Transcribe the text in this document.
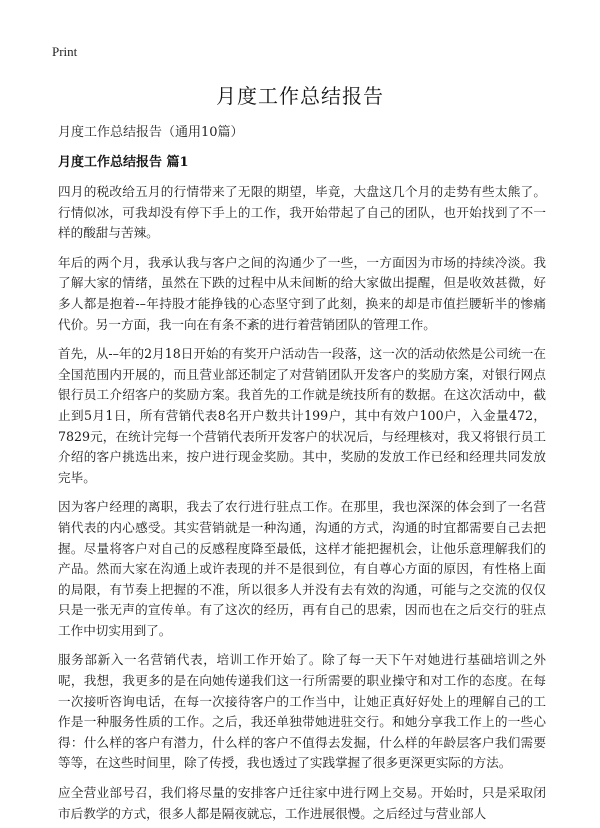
Print
月度工作总结报告
月度工作总结报告（通用10篇）
月度工作总结报告 篇1

四月的税改给五月的行情带来了无限的期望，毕竟，大盘这几个月的走势有些太熊了。行情似冰，可我却没有停下手上的工作，我开始带起了自己的团队，也开始找到了不一样的酸甜与苦辣。

年后的两个月，我承认我与客户之间的沟通少了一些，一方面因为市场的持续冷淡。我了解大家的情绪，虽然在下跌的过程中从未间断的给大家做出提醒，但是收效甚微，好多人都是抱着-–年持股才能挣钱的心态坚守到了此刻，换来的却是市值拦腰斩半的惨痛代价。另一方面，我一向在有条不紊的进行着营销团队的管理工作。

首先，从-–年的2月18日开始的有奖开户活动告一段落，这一次的活动依然是公司统一在全国范围内开展的，而且营业部还制定了对营销团队开发客户的奖励方案，对银行网点银行员工介绍客户的奖励方案。我首先的工作就是统技所有的数据。在这次活动中，截止到5月1日，所有营销代表8名开户数共计199户，其中有效户100户，入金量472，7829元，在统计完每一个营销代表所开发客户的状况后，与经理核对，我又将银行员工介绍的客户挑选出来，按户进行现金奖励。其中，奖励的发放工作已经和经理共同发放完毕。

因为客户经理的离职，我去了农行进行驻点工作。在那里，我也深深的体会到了一名营销代表的内心感受。其实营销就是一种沟通，沟通的方式，沟通的时宜都需要自己去把握。尽量将客户对自己的反感程度降至最低，这样才能把握机会，让他乐意理解我们的产品。然而大家在沟通上或许表现的并不是很到位，有自尊心方面的原因，有性格上面的局限，有节奏上把握的不准，所以很多人并没有去有效的沟通，可能与之交流的仅仅只是一张无声的宣传单。有了这次的经历，再有自己的思索，因而也在之后交行的驻点工作中切实用到了。

服务部新入一名营销代表，培训工作开始了。除了每一天下午对她进行基础培训之外呢，我想，我更多的是在向她传递我们这一行所需要的职业操守和对工作的态度。在每一次接听咨询电话，在每一次接待客户的工作当中，让她正真好好处上的理解自己的工作是一种服务性质的工作。之后，我还单独带她进驻交行。和她分享我工作上的一些心得：什么样的客户有潜力，什么样的客户不值得去发掘，什么样的年龄层客户我们需要等等，在这些时间里，除了传授，我也透过了实践掌握了很多更深更实际的方法。

应全营业部号召，我们将尽量的安排客户迁往家中进行网上交易。开始时，只是采取闭市后教学的方式，很多人都是隔夜就忘，工作进展很慢。之后经过与营业部人
